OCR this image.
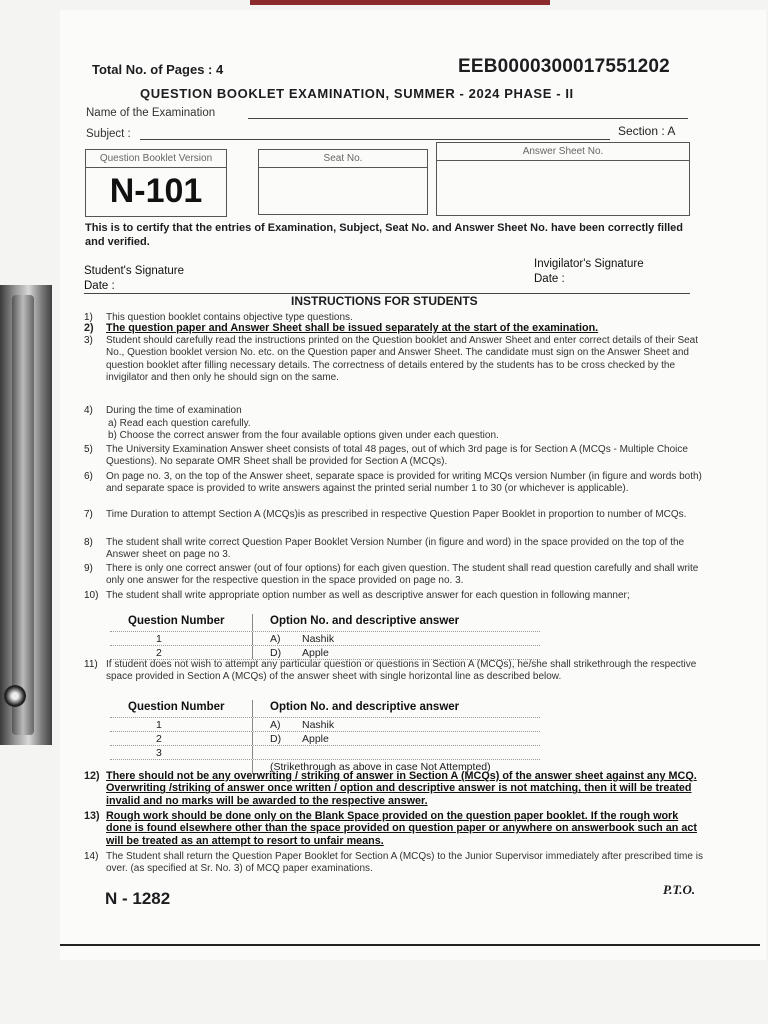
Total No. of Pages : 4	EEB0000300017551202
QUESTION BOOKLET EXAMINATION, SUMMER - 2024 PHASE - II
Name of the Examination
Subject :	Section : A
Question Booklet Version
N-101
Seat No.
Answer Sheet No.
This is to certify that the entries of Examination, Subject, Seat No. and Answer Sheet No. have been correctly filled and verified.
Student's Signature
Date :
Invigilator's Signature
Date :
INSTRUCTIONS FOR STUDENTS
1)	This question booklet contains objective type questions.
2)	The question paper and Answer Sheet shall be issued separately at the start of the examination.
3)	Student should carefully read the instructions printed on the Question booklet and Answer Sheet and enter correct details of their Seat No., Question booklet version No. etc. on the Question paper and Answer Sheet. The candidate must sign on the Answer Sheet and question booklet after filling necessary details. The correctness of details entered by the students has to be cross checked by the invigilator and then only he should sign on the same.
4)	During the time of examination
a) Read each question carefully.
b) Choose the correct answer from the four available options given under each question.
5)	The University Examination Answer sheet consists of total 48 pages, out of which 3rd page is for Section A (MCQs - Multiple Choice Questions). No separate OMR Sheet shall be provided for Section A (MCQs).
6)	On page no. 3, on the top of the Answer sheet, separate space is provided for writing MCQs version Number (in figure and words both) and separate space is provided to write answers against the printed serial number 1 to 30 (or whichever is applicable).
7)	Time Duration to attempt Section A (MCQs)is as prescribed in respective Question Paper Booklet in proportion to number of MCQs.
8)	The student shall write correct Question Paper Booklet Version Number (in figure and word) in the space provided on the top of the Answer sheet on page no 3.
9)	There is only one correct answer (out of four options) for each given question. The student shall read question carefully and shall write only one answer for the respective question in the space provided on page no. 3.
10) The student shall write appropriate option number as well as descriptive answer for each question in following manner;
Question Number	Option No. and descriptive answer
1	A) Nashik
2	D) Apple
11) If student does not wish to attempt any particular question or questions in Section A (MCQs), he/she shall strikethrough the respective space provided in Section A (MCQs) of the answer sheet with single horizontal line as described below.
Question Number	Option No. and descriptive answer
1	A) Nashik
2	D) Apple
3
(Strikethrough as above in case Not Attempted)
12) There should not be any overwriting / striking of answer in Section A (MCQs) of the answer sheet against any MCQ. Overwriting /striking of answer once written / option and descriptive answer is not matching, then it will be treated invalid and no marks will be awarded to the respective answer.
13) Rough work should be done only on the Blank Space provided on the question paper booklet. If the rough work done is found elsewhere other than the space provided on question paper or anywhere on answerbook such an act will be treated as an attempt to resort to unfair means.
14) The Student shall return the Question Paper Booklet for Section A (MCQs) to the Junior Supervisor immediately after prescribed time is over. (as specified at Sr. No. 3) of MCQ paper examinations.
N - 1282	P.T.O.
